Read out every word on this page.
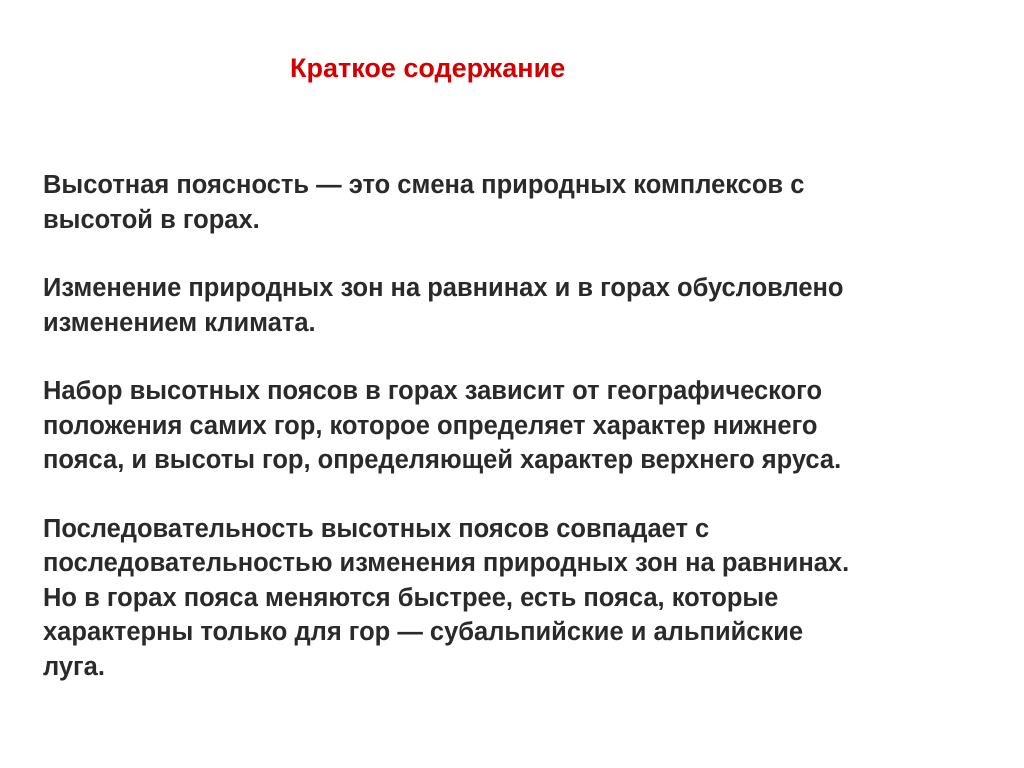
Краткое содержание

Высотная поясность — это смена природных комплексов с
высотой в горах.

Изменение природных зон на равнинах и в горах обусловлено
изменением климата.

Набор высотных поясов в горах зависит от географического
положения самих гор, которое определяет характер нижнего
пояса, и высоты гор, определяющей характер верхнего яруса.

Последовательность высотных поясов совпадает с
последовательностью изменения природных зон на равнинах.
Но в горах пояса меняются быстрее, есть пояса, которые
характерны только для гор — субальпийские и альпийские
луга.
